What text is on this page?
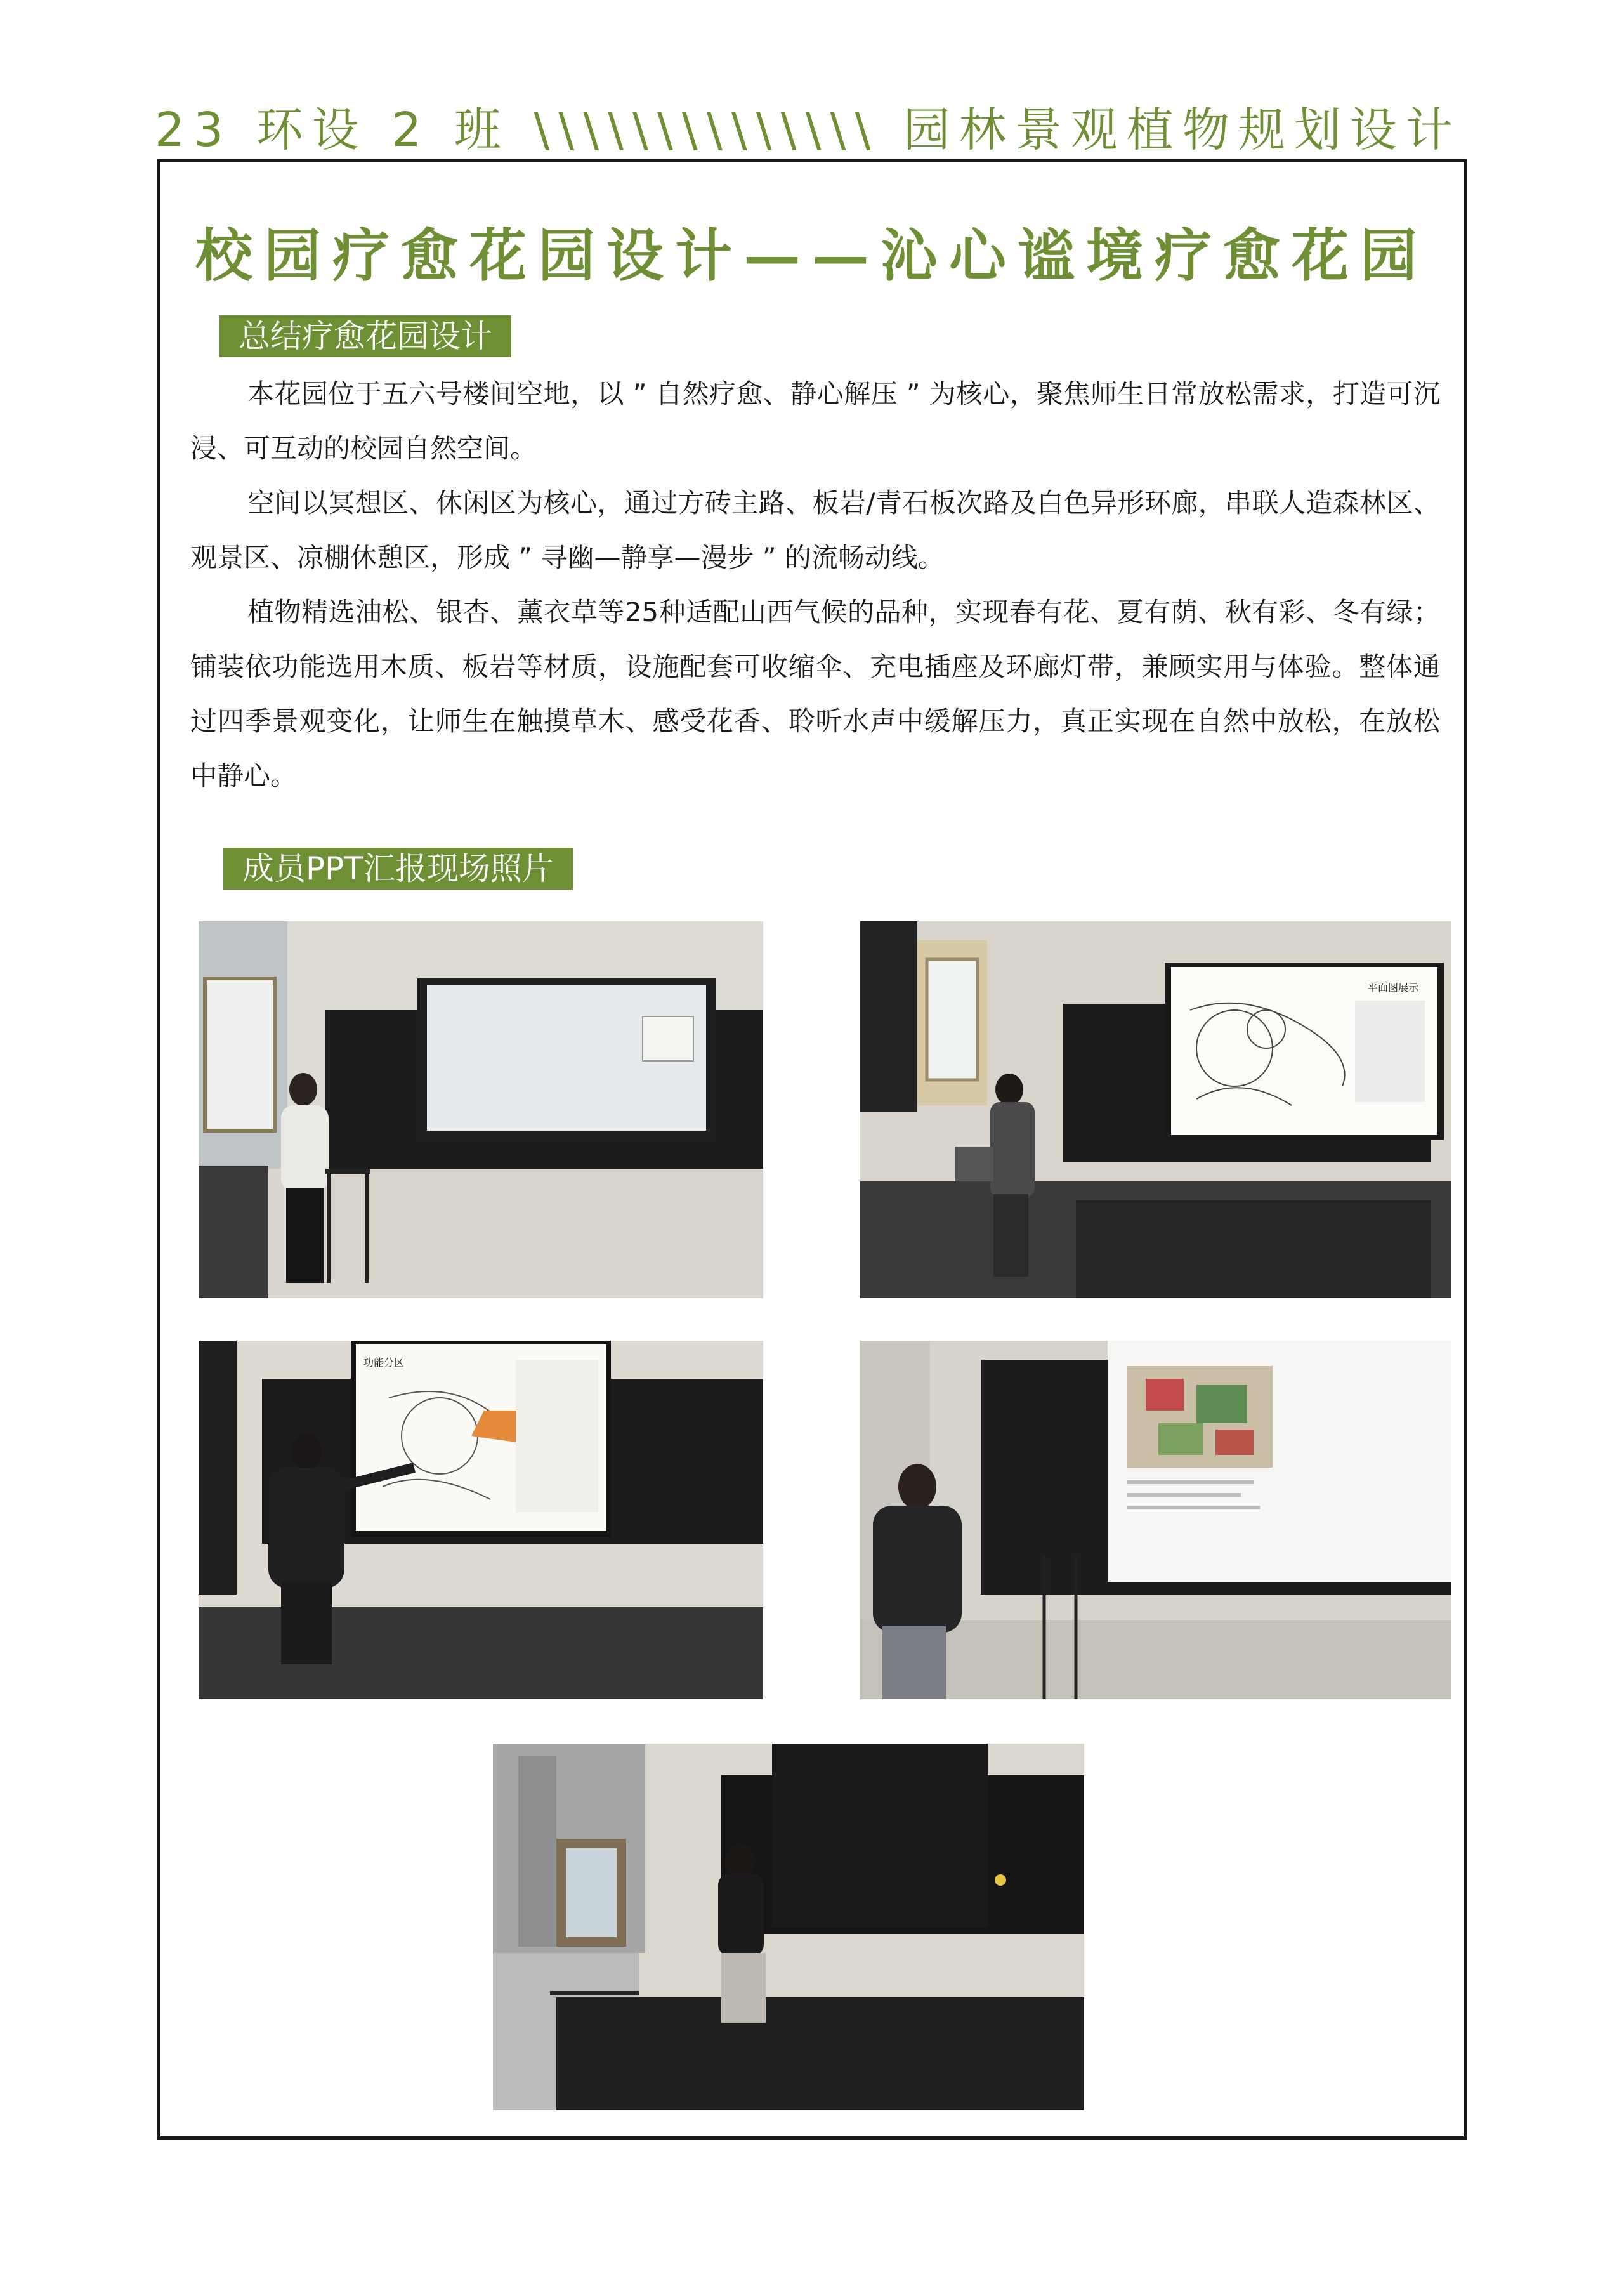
23 环设 2 班 \\\\\\\\\\\\\\ 园林景观植物规划设计
校园疗愈花园设计——沁心谧境疗愈花园
总结疗愈花园设计

本花园位于五六号楼间空地，以 ” 自然疗愈、静心解压 ” 为核心，聚焦师生日常放松需求，打造可沉浸、可互动的校园自然空间。

空间以冥想区、休闲区为核心，通过方砖主路、板岩/青石板次路及白色异形环廊，串联人造森林区、观景区、凉棚休憩区，形成 ” 寻幽—静享—漫步 ” 的流畅动线。

植物精选油松、银杏、薰衣草等25种适配山西气候的品种，实现春有花、夏有荫、秋有彩、冬有绿；铺装依功能选用木质、板岩等材质，设施配套可收缩伞、充电插座及环廊灯带，兼顾实用与体验。整体通过四季景观变化，让师生在触摸草木、感受花香、聆听水声中缓解压力，真正实现在自然中放松，在放松中静心。

成员PPT汇报现场照片
平面图展示
功能分区
